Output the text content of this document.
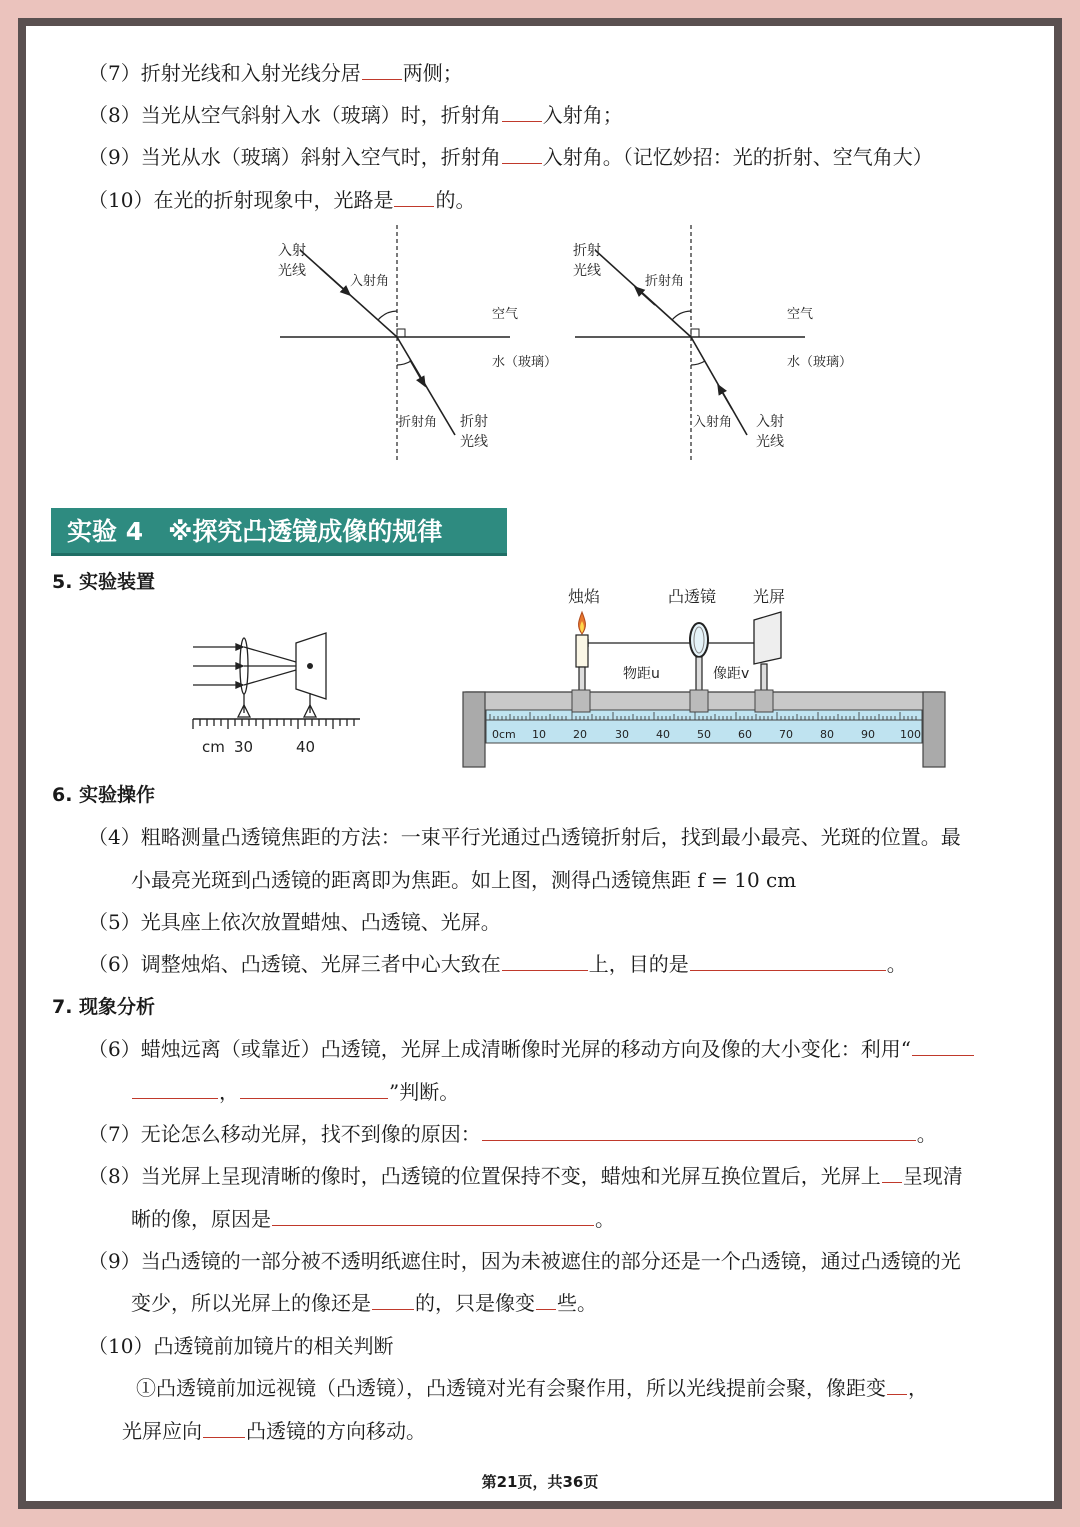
（7）折射光线和入射光线分居 两侧；
（8）当光从空气斜射入水（玻璃）时，折射角 入射角；
（9）当光从水（玻璃）斜射入空气时，折射角 入射角。（记忆妙招：光的折射、空气角大）
（10）在光的折射现象中，光路是 的。
入射
光线
入射角
空气
水（玻璃）
折射角 折射
光线
折射
光线
折射角
空气
水（玻璃）
入射角 入射
光线
实验 4　※探究凸透镜成像的规律
5. 实验装置
cm 30	40
烛焰	凸透镜 光屏
物距u	像距v
0cm 10 20	30 40 50 60 70 80 90 100
6. 实验操作
（4）粗略测量凸透镜焦距的方法：一束平行光通过凸透镜折射后，找到最小最亮、光斑的位置。最
小最亮光斑到凸透镜的距离即为焦距。如上图，测得凸透镜焦距 f = 10 cm
（5）光具座上依次放置蜡烛、凸透镜、光屏。
（6）调整烛焰、凸透镜、光屏三者中心大致在	上，目的是	。
7. 现象分析
（6）蜡烛远离（或靠近）凸透镜，光屏上成清晰像时光屏的移动方向及像的大小变化：利用“
，	”判断。
（7）无论怎么移动光屏，找不到像的原因：	。
（8）当光屏上呈现清晰的像时，凸透镜的位置保持不变，蜡烛和光屏互换位置后，光屏上 呈现清
晰的像，原因是	。
（9）当凸透镜的一部分被不透明纸遮住时，因为未被遮住的部分还是一个凸透镜，通过凸透镜的光
变少，所以光屏上的像还是 的，只是像变 些。
（10）凸透镜前加镜片的相关判断
①凸透镜前加远视镜（凸透镜），凸透镜对光有会聚作用，所以光线提前会聚，像距变 ，
光屏应向 凸透镜的方向移动。
第21页，共36页
